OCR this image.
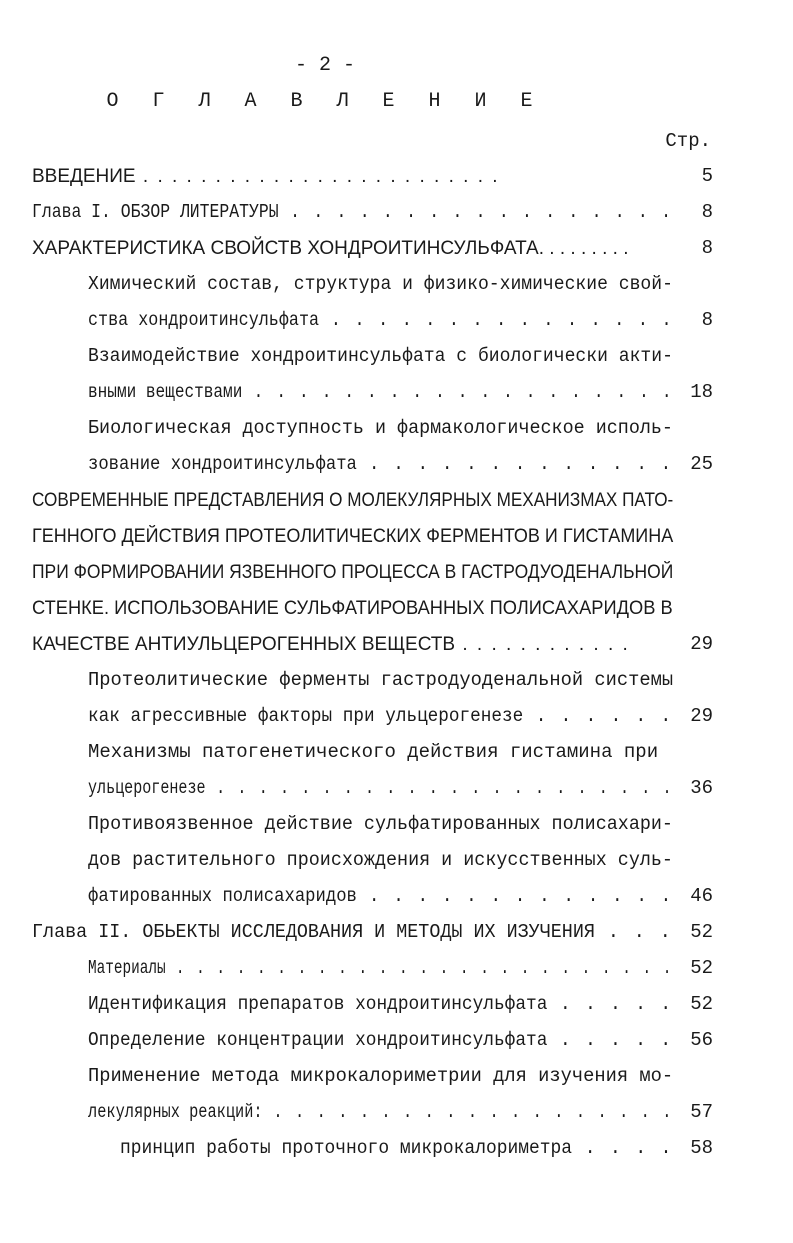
- 2 -
О Г Л А В Л Е Н И Е
Стр.
ВВЕДЕНИЕ . . . . . . . . . . . . . . . . . . . . . . . . .	5
Глава I. ОБЗОР ЛИТЕРАТУРЫ . . . . . . . . . . . . . . . . . 8
ХАРАКТЕРИСТИКА СВОЙСТВ ХОНДРОИТИНСУЛЬФАТА. . . . . . . . .	8
Химический состав, структура и физико-химические свой-
ства хондроитинсульфата . . . . . . . . . . . . . . . 8
Взаимодействие хондроитинсульфата с биологически акти-
вными веществами . . . . . . . . . . . . . . . . . . . 18
Биологическая доступность и фармакологическое исполь-
зование хондроитинсульфата . . . . . . . . . . . . . 25
СОВРЕМЕННЫЕ ПРЕДСТАВЛЕНИЯ О МОЛЕКУЛЯРНЫХ МЕХАНИЗМАХ ПАТО-
ГЕННОГО ДЕЙСТВИЯ ПРОТЕОЛИТИЧЕСКИХ ФЕРМЕНТОВ И ГИСТАМИНА
ПРИ ФОРМИРОВАНИИ ЯЗВЕННОГО ПРОЦЕССА В ГАСТРОДУОДЕНАЛЬНОЙ
СТЕНКЕ. ИСПОЛЬЗОВАНИЕ СУЛЬФАТИРОВАННЫХ ПОЛИСАХАРИДОВ В
КАЧЕСТВЕ АНТИУЛЬЦЕРОГЕННЫХ ВЕЩЕСТВ . . . . . . . . . . . .	29
Протеолитические ферменты гастродуоденальной системы
как агрессивные факторы при ульцерогенезе . . . . . . 29
Механизмы патогенетического действия гистамина при
ульцерогенезе . . . . . . . . . . . . . . . . . . . . . . 36
Противоязвенное действие сульфатированных полисахари-
дов растительного происхождения и искусственных суль-
фатированных полисахаридов . . . . . . . . . . . . . 46
Глава II. ОБЬЕКТЫ ИССЛЕДОВАНИЯ И МЕТОДЫ ИХ ИЗУЧЕНИЯ . . . 52
Материалы . . . . . . . . . . . . . . . . . . . . . . . . . 52
Идентификация препаратов хондроитинсульфата . . . . . 52
Определение концентрации хондроитинсульфата . . . . . 56
Применение метода микрокалориметрии для изучения мо-
лекулярных реакций: . . . . . . . . . . . . . . . . . . . 57
принцип работы проточного микрокалориметра . . . . 58
